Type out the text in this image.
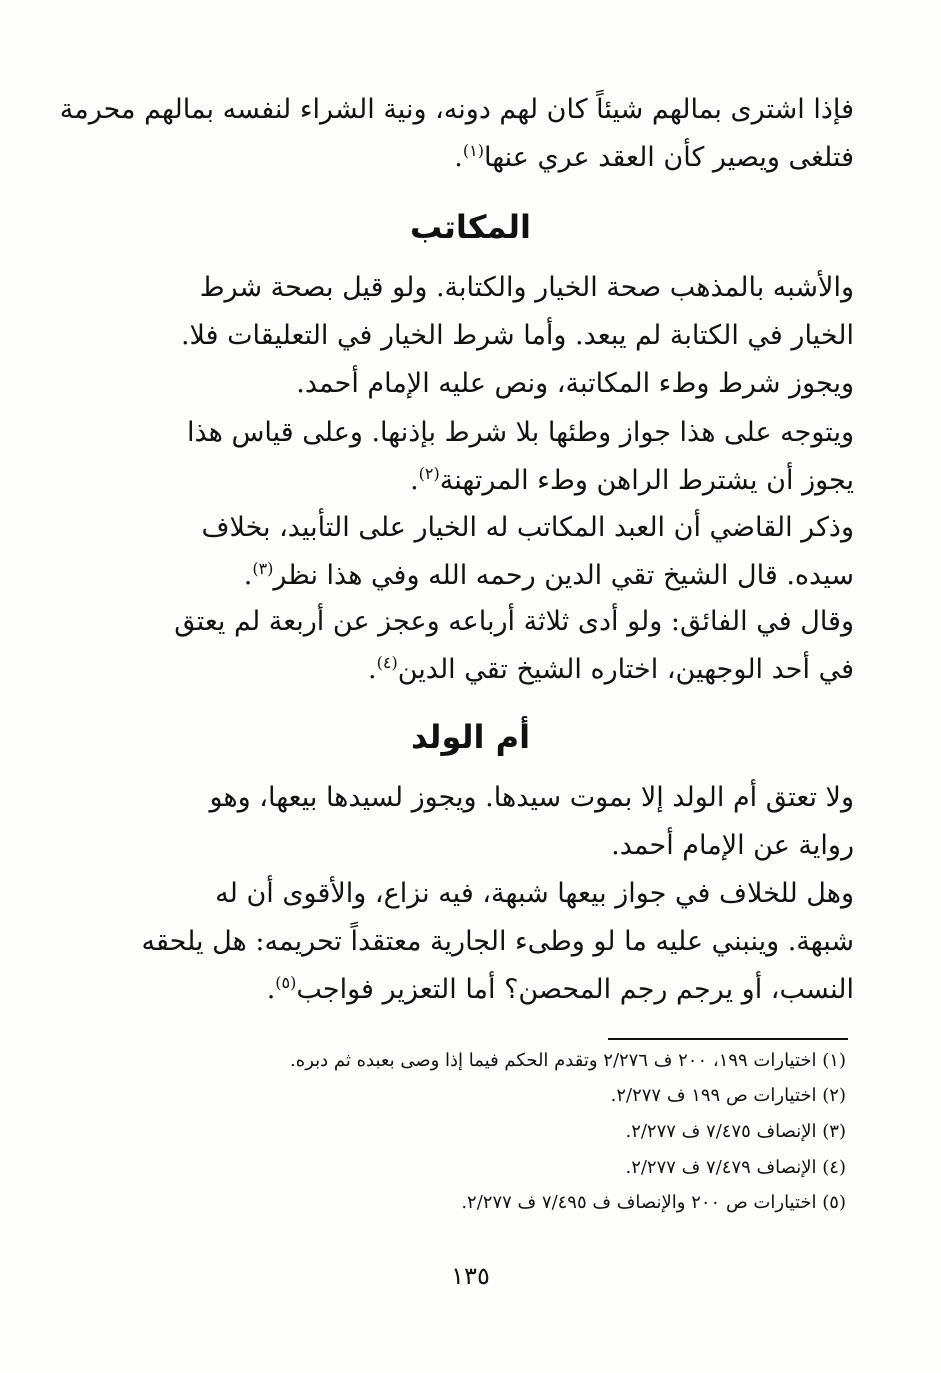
فإذا اشترى بمالهم شيئاً كان لهم دونه، ونية الشراء لنفسه بمالهم محرمة
فتلغى ويصير كأن العقد عري عنها$^{(١)}$.
المكاتب
والأشبه بالمذهب صحة الخيار والكتابة. ولو قيل بصحة شرط
الخيار في الكتابة لم يبعد. وأما شرط الخيار في التعليقات فلا.
ويجوز شرط وطء المكاتبة، ونص عليه الإمام أحمد.
ويتوجه على هذا جواز وطئها بلا شرط بإذنها. وعلى قياس هذا
يجوز أن يشترط الراهن وطء المرتهنة$^{(٢)}$.
وذكر القاضي أن العبد المكاتب له الخيار على التأبيد، بخلاف
سيده. قال الشيخ تقي الدين رحمه الله وفي هذا نظر$^{(٣)}$.
وقال في الفائق: ولو أدى ثلاثة أرباعه وعجز عن أربعة لم يعتق
في أحد الوجهين، اختاره الشيخ تقي الدين$^{(٤)}$.
أم الولد
ولا تعتق أم الولد إلا بموت سيدها. ويجوز لسيدها بيعها، وهو
رواية عن الإمام أحمد.
وهل للخلاف في جواز بيعها شبهة، فيه نزاع، والأقوى أن له
شبهة. وينبني عليه ما لو وطىء الجارية معتقداً تحريمه: هل يلحقه
النسب، أو يرجم رجم المحصن؟ أما التعزير فواجب$^{(٥)}$.
(١) اختيارات ١٩٩، ٢٠٠ ف ٢/٢٧٦ وتقدم الحكم فيما إذا وصى بعبده ثم دبره.
(٢) اختيارات ص ١٩٩ ف ٢/٢٧٧.
(٣) الإنصاف ٧/٤٧٥ ف ٢/٢٧٧.
(٤) الإنصاف ٧/٤٧٩ ف ٢/٢٧٧.
(٥) اختيارات ص ٢٠٠ والإنصاف ف ٧/٤٩٥ ف ٢/٢٧٧.
١٣٥
